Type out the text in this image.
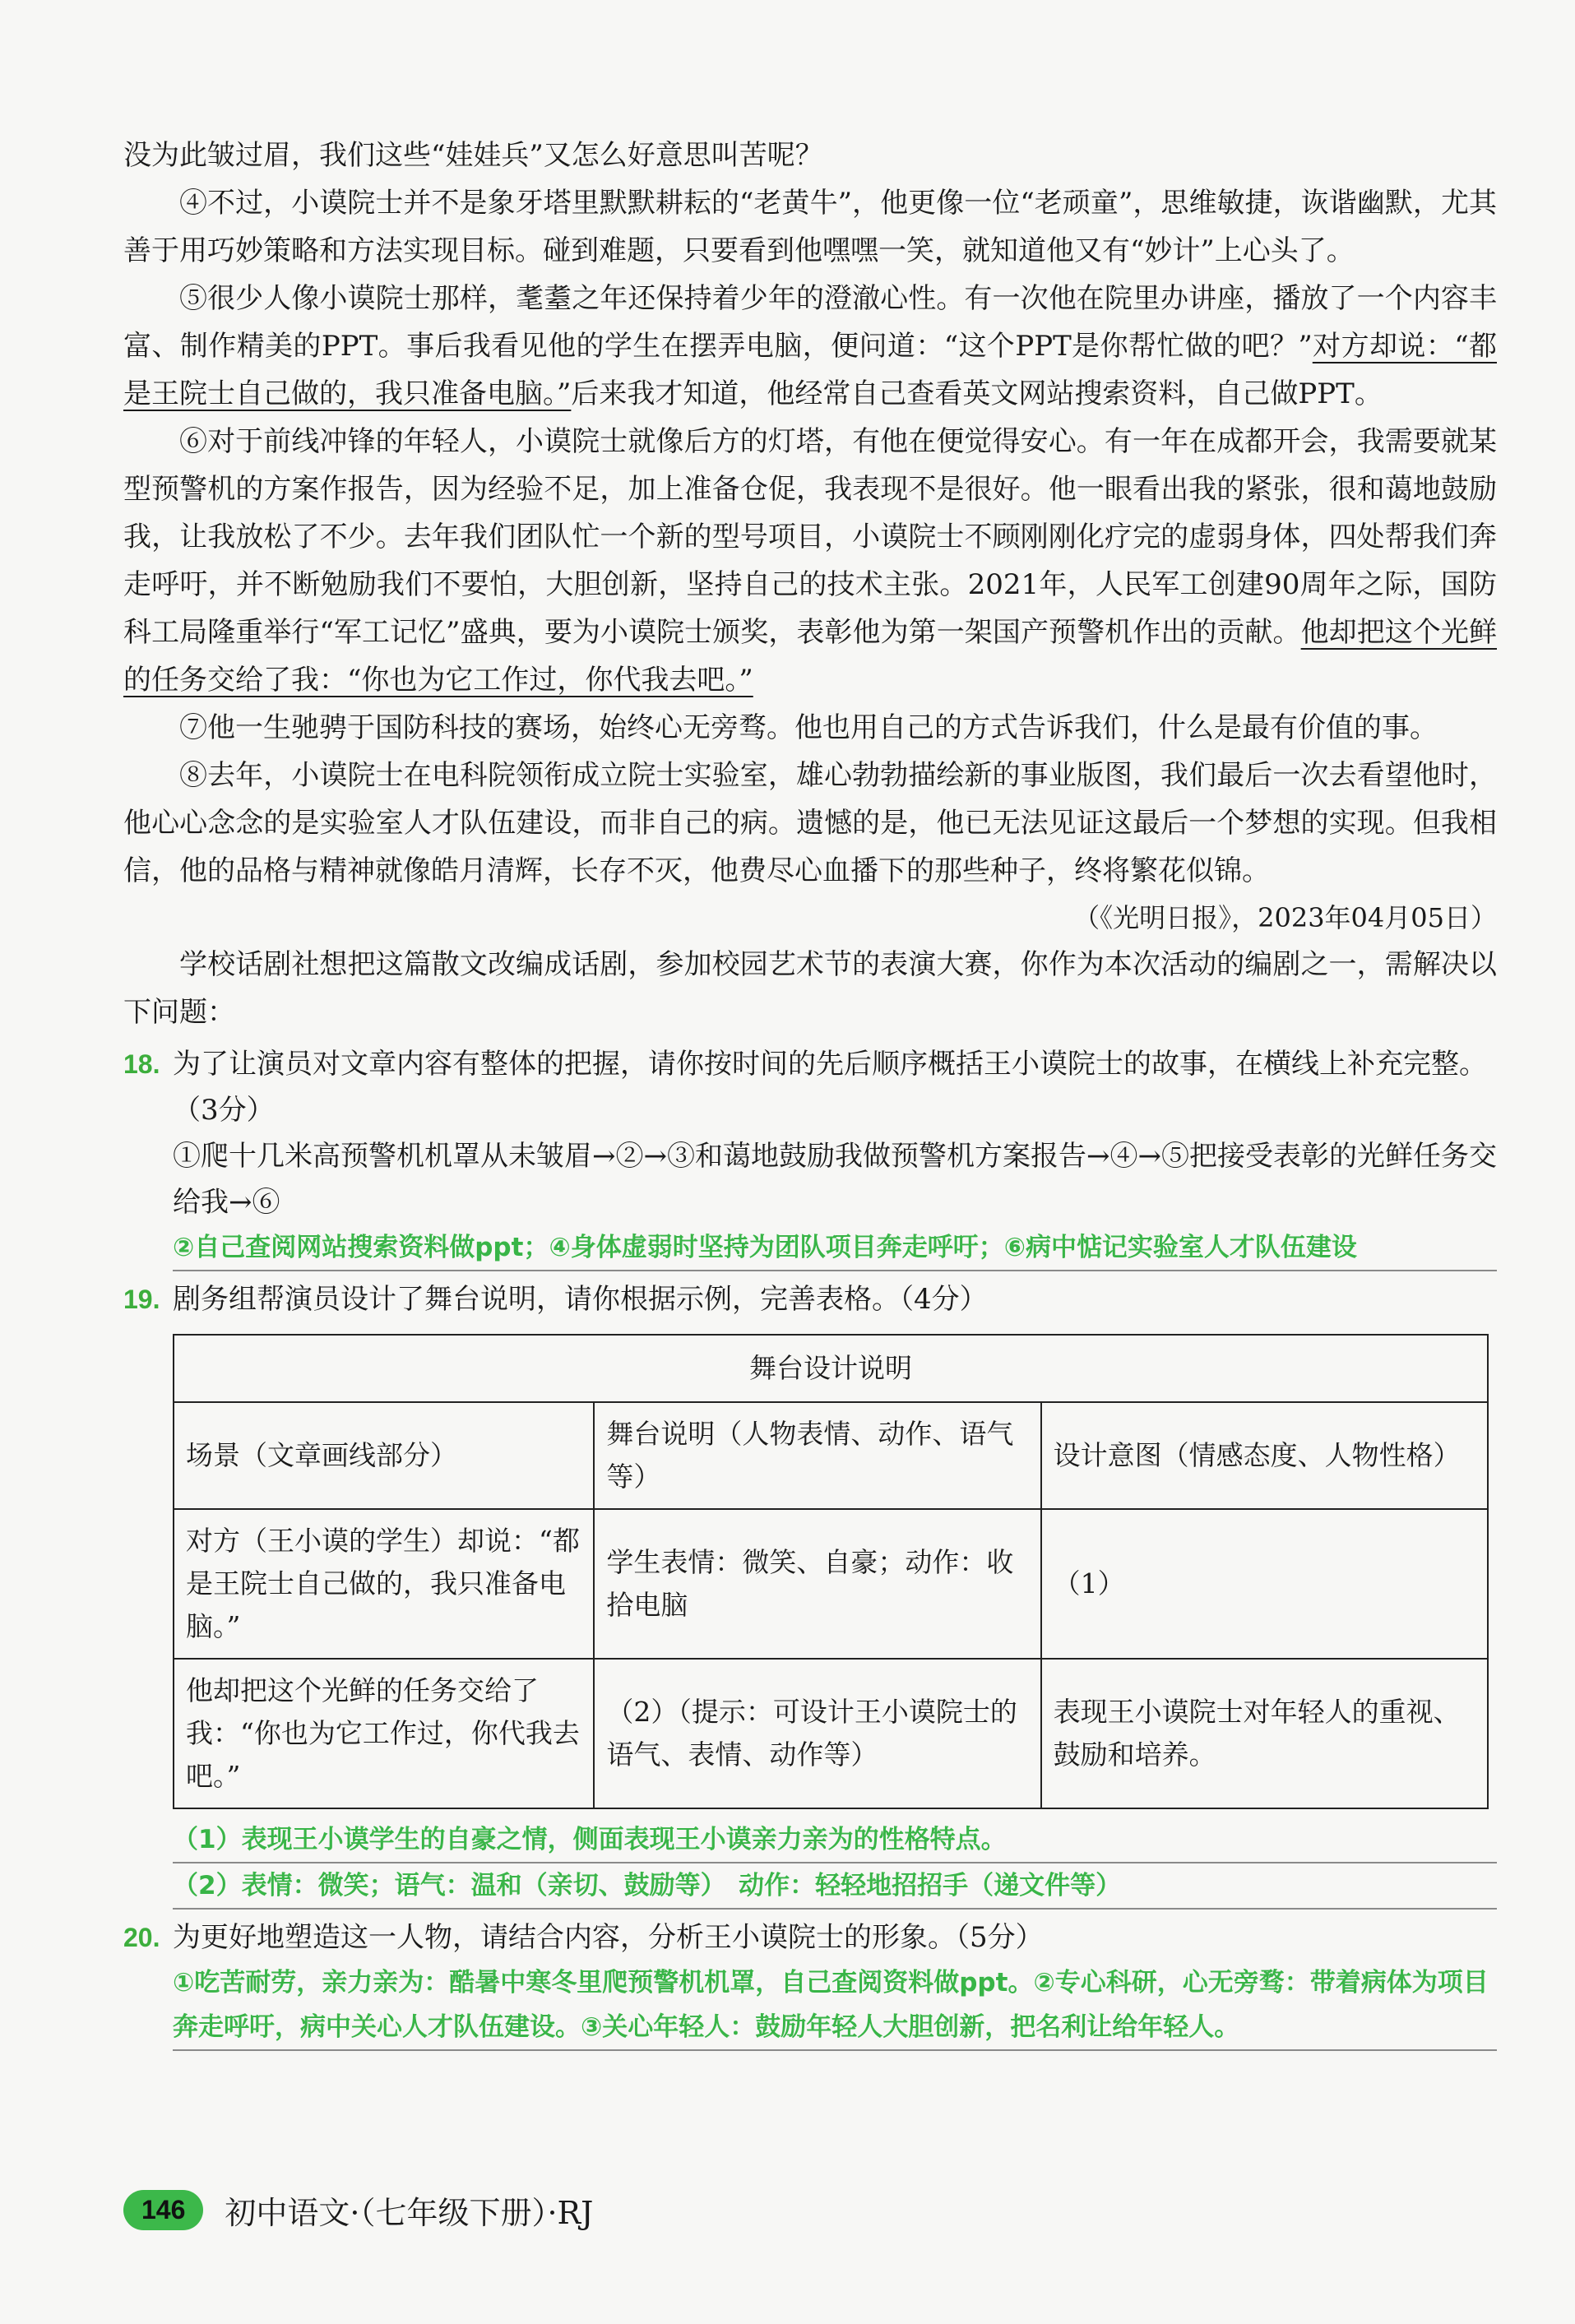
没为此皱过眉，我们这些“娃娃兵”又怎么好意思叫苦呢？

④不过，小谟院士并不是象牙塔里默默耕耘的“老黄牛”，他更像一位“老顽童”，思维敏捷，诙谐幽默，尤其善于用巧妙策略和方法实现目标。碰到难题，只要看到他嘿嘿一笑，就知道他又有“妙计”上心头了。

⑤很少人像小谟院士那样，耄耋之年还保持着少年的澄澈心性。有一次他在院里办讲座，播放了一个内容丰富、制作精美的PPT。事后我看见他的学生在摆弄电脑，便问道：“这个PPT是你帮忙做的吧？”对方却说：“都是王院士自己做的，我只准备电脑。”后来我才知道，他经常自己查看英文网站搜索资料，自己做PPT。

⑥对于前线冲锋的年轻人，小谟院士就像后方的灯塔，有他在便觉得安心。有一年在成都开会，我需要就某型预警机的方案作报告，因为经验不足，加上准备仓促，我表现不是很好。他一眼看出我的紧张，很和蔼地鼓励我，让我放松了不少。去年我们团队忙一个新的型号项目，小谟院士不顾刚刚化疗完的虚弱身体，四处帮我们奔走呼吁，并不断勉励我们不要怕，大胆创新，坚持自己的技术主张。2021年，人民军工创建90周年之际，国防科工局隆重举行“军工记忆”盛典，要为小谟院士颁奖，表彰他为第一架国产预警机作出的贡献。他却把这个光鲜的任务交给了我：“你也为它工作过，你代我去吧。”

⑦他一生驰骋于国防科技的赛场，始终心无旁骛。他也用自己的方式告诉我们，什么是最有价值的事。

⑧去年，小谟院士在电科院领衔成立院士实验室，雄心勃勃描绘新的事业版图，我们最后一次去看望他时，他心心念念的是实验室人才队伍建设，而非自己的病。遗憾的是，他已无法见证这最后一个梦想的实现。但我相信，他的品格与精神就像皓月清辉，长存不灭，他费尽心血播下的那些种子，终将繁花似锦。

（《光明日报》，2023年04月05日）

学校话剧社想把这篇散文改编成话剧，参加校园艺术节的表演大赛，你作为本次活动的编剧之一，需解决以下问题：

18. 为了让演员对文章内容有整体的把握，请你按时间的先后顺序概括王小谟院士的故事，在横线上补充完整。（3分）
①爬十几米高预警机机罩从未皱眉→②→③和蔼地鼓励我做预警机方案报告→④→⑤把接受表彰的光鲜任务交给我→⑥
②自己查阅网站搜索资料做ppt；④身体虚弱时坚持为团队项目奔走呼吁；⑥病中惦记实验室人才队伍建设
19. 剧务组帮演员设计了舞台说明，请你根据示例，完善表格。（4分）
舞台设计说明		
场景（文章画线部分）	舞台说明（人物表情、动作、语气等）	设计意图（情感态度、人物性格）
对方（王小谟的学生）却说：“都是王院士自己做的，我只准备电脑。”	学生表情：微笑、自豪；动作：收拾电脑	（1）
他却把这个光鲜的任务交给了我：“你也为它工作过，你代我去吧。”	（2）（提示：可设计王小谟院士的语气、表情、动作等）	表现王小谟院士对年轻人的重视、鼓励和培养。
（1）表现王小谟学生的自豪之情，侧面表现王小谟亲力亲为的性格特点。
（2）表情：微笑；语气：温和（亲切、鼓励等）　动作：轻轻地招招手（递文件等）
20. 为更好地塑造这一人物，请结合内容，分析王小谟院士的形象。（5分）
①吃苦耐劳，亲力亲为：酷暑中寒冬里爬预警机机罩，自己查阅资料做ppt。②专心科研，心无旁骛：带着病体为项目奔走呼吁，病中关心人才队伍建设。③关心年轻人：鼓励年轻人大胆创新，把名利让给年轻人。
146	初中语文·（七年级下册）·RJ
